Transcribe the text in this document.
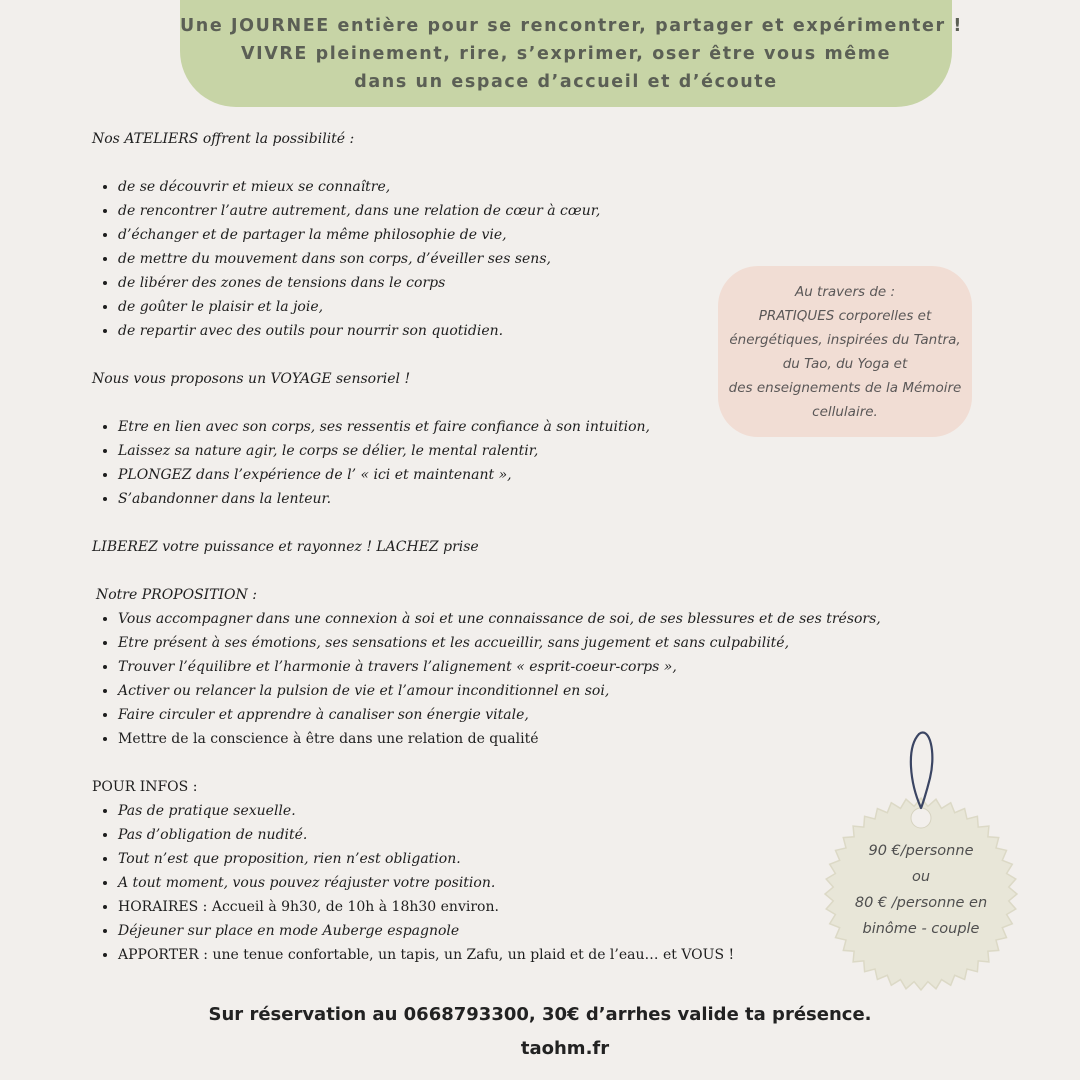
Une JOURNEE entière pour se rencontrer, partager et expérimenter !
VIVRE pleinement, rire, s’exprimer, oser être vous même
dans un espace d’accueil et d’écoute

Nos ATELIERS offrent la possibilité :

• de se découvrir et mieux se connaître,
• de rencontrer l’autre autrement, dans une relation de cœur à cœur,
• d’échanger et de partager la même philosophie de vie,
• de mettre du mouvement dans son corps, d’éveiller ses sens,
• de libérer des zones de tensions dans le corps
• de goûter le plaisir et la joie,
• de repartir avec des outils pour nourrir son quotidien.

Nous vous proposons un VOYAGE sensoriel !

• Etre en lien avec son corps, ses ressentis et faire confiance à son intuition,
• Laissez sa nature agir, le corps se délier, le mental ralentir,
• PLONGEZ dans l’expérience de l’ « ici et maintenant »,
• S’abandonner dans la lenteur.

LIBEREZ votre puissance et rayonnez ! LACHEZ prise

Notre PROPOSITION :

• Vous accompagner dans une connexion à soi et une connaissance de soi, de ses blessures et de ses trésors,
• Etre présent à ses émotions, ses sensations et les accueillir, sans jugement et sans culpabilité,
• Trouver l’équilibre et l’harmonie à travers l’alignement « esprit-coeur-corps »,
• Activer ou relancer la pulsion de vie et l’amour inconditionnel en soi,
• Faire circuler et apprendre à canaliser son énergie vitale,
• Mettre de la conscience à être dans une relation de qualité

POUR INFOS :

• Pas de pratique sexuelle.
• Pas d’obligation de nudité.
• Tout n’est que proposition, rien n’est obligation.
• A tout moment, vous pouvez réajuster votre position.
• HORAIRES : Accueil à 9h30, de 10h à 18h30 environ.
• Déjeuner sur place en mode Auberge espagnole
• APPORTER : une tenue confortable, un tapis, un Zafu, un plaid et de l’eau… et VOUS !
Au travers de :
PRATIQUES corporelles et
énergétiques, inspirées du Tantra,
du Tao, du Yoga et
des enseignements de la Mémoire
cellulaire.
90 €/personne
ou
80 € /personne en
binôme - couple
Sur réservation au 0668793300, 30€ d’arrhes valide ta présence.
taohm.fr
